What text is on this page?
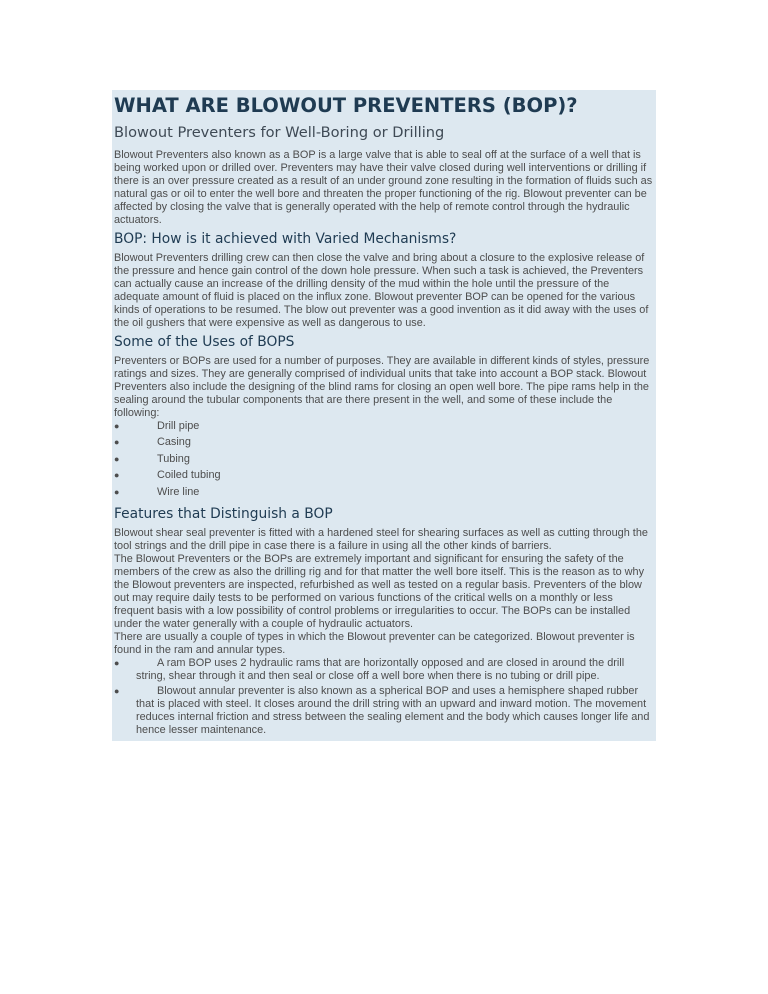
WHAT ARE BLOWOUT PREVENTERS (BOP)?
Blowout Preventers for Well-Boring or Drilling

Blowout Preventers also known as a BOP is a large valve that is able to seal off at the surface of a well that is being worked upon or drilled over. Preventers may have their valve closed during well interventions or drilling if there is an over pressure created as a result of an under ground zone resulting in the formation of fluids such as natural gas or oil to enter the well bore and threaten the proper functioning of the rig. Blowout preventer can be affected by closing the valve that is generally operated with the help of remote control through the hydraulic actuators.

BOP: How is it achieved with Varied Mechanisms?

Blowout Preventers drilling crew can then close the valve and bring about a closure to the explosive release of the pressure and hence gain control of the down hole pressure. When such a task is achieved, the Preventers can actually cause an increase of the drilling density of the mud within the hole until the pressure of the adequate amount of fluid is placed on the influx zone. Blowout preventer BOP can be opened for the various kinds of operations to be resumed. The blow out preventer was a good invention as it did away with the uses of the oil gushers that were expensive as well as dangerous to use.

Some of the Uses of BOPS

Preventers or BOPs are used for a number of purposes. They are available in different kinds of styles, pressure ratings and sizes. They are generally comprised of individual units that take into account a BOP stack. Blowout Preventers also include the designing of the blind rams for closing an open well bore. The pipe rams help in the sealing around the tubular components that are there present in the well, and some of these include the following:

●	Drill pipe
●	Casing
●	Tubing
●	Coiled tubing
●	Wire line
Features that Distinguish a BOP

Blowout shear seal preventer is fitted with a hardened steel for shearing surfaces as well as cutting through the tool strings and the drill pipe in case there is a failure in using all the other kinds of barriers.

The Blowout Preventers or the BOPs are extremely important and significant for ensuring the safety of the members of the crew as also the drilling rig and for that matter the well bore itself. This is the reason as to why the Blowout preventers are inspected, refurbished as well as tested on a regular basis. Preventers of the blow out may require daily tests to be performed on various functions of the critical wells on a monthly or less frequent basis with a low possibility of control problems or irregularities to occur. The BOPs can be installed under the water generally with a couple of hydraulic actuators.

There are usually a couple of types in which the Blowout preventer can be categorized. Blowout preventer is found in the ram and annular types.

●	A ram BOP uses 2 hydraulic rams that are horizontally opposed and are closed in around the drill string, shear through it and then seal or close off a well bore when there is no tubing or drill pipe.
●	Blowout annular preventer is also known as a spherical BOP and uses a hemisphere shaped rubber that is placed with steel. It closes around the drill string with an upward and inward motion. The movement reduces internal friction and stress between the sealing element and the body which causes longer life and hence lesser maintenance.
